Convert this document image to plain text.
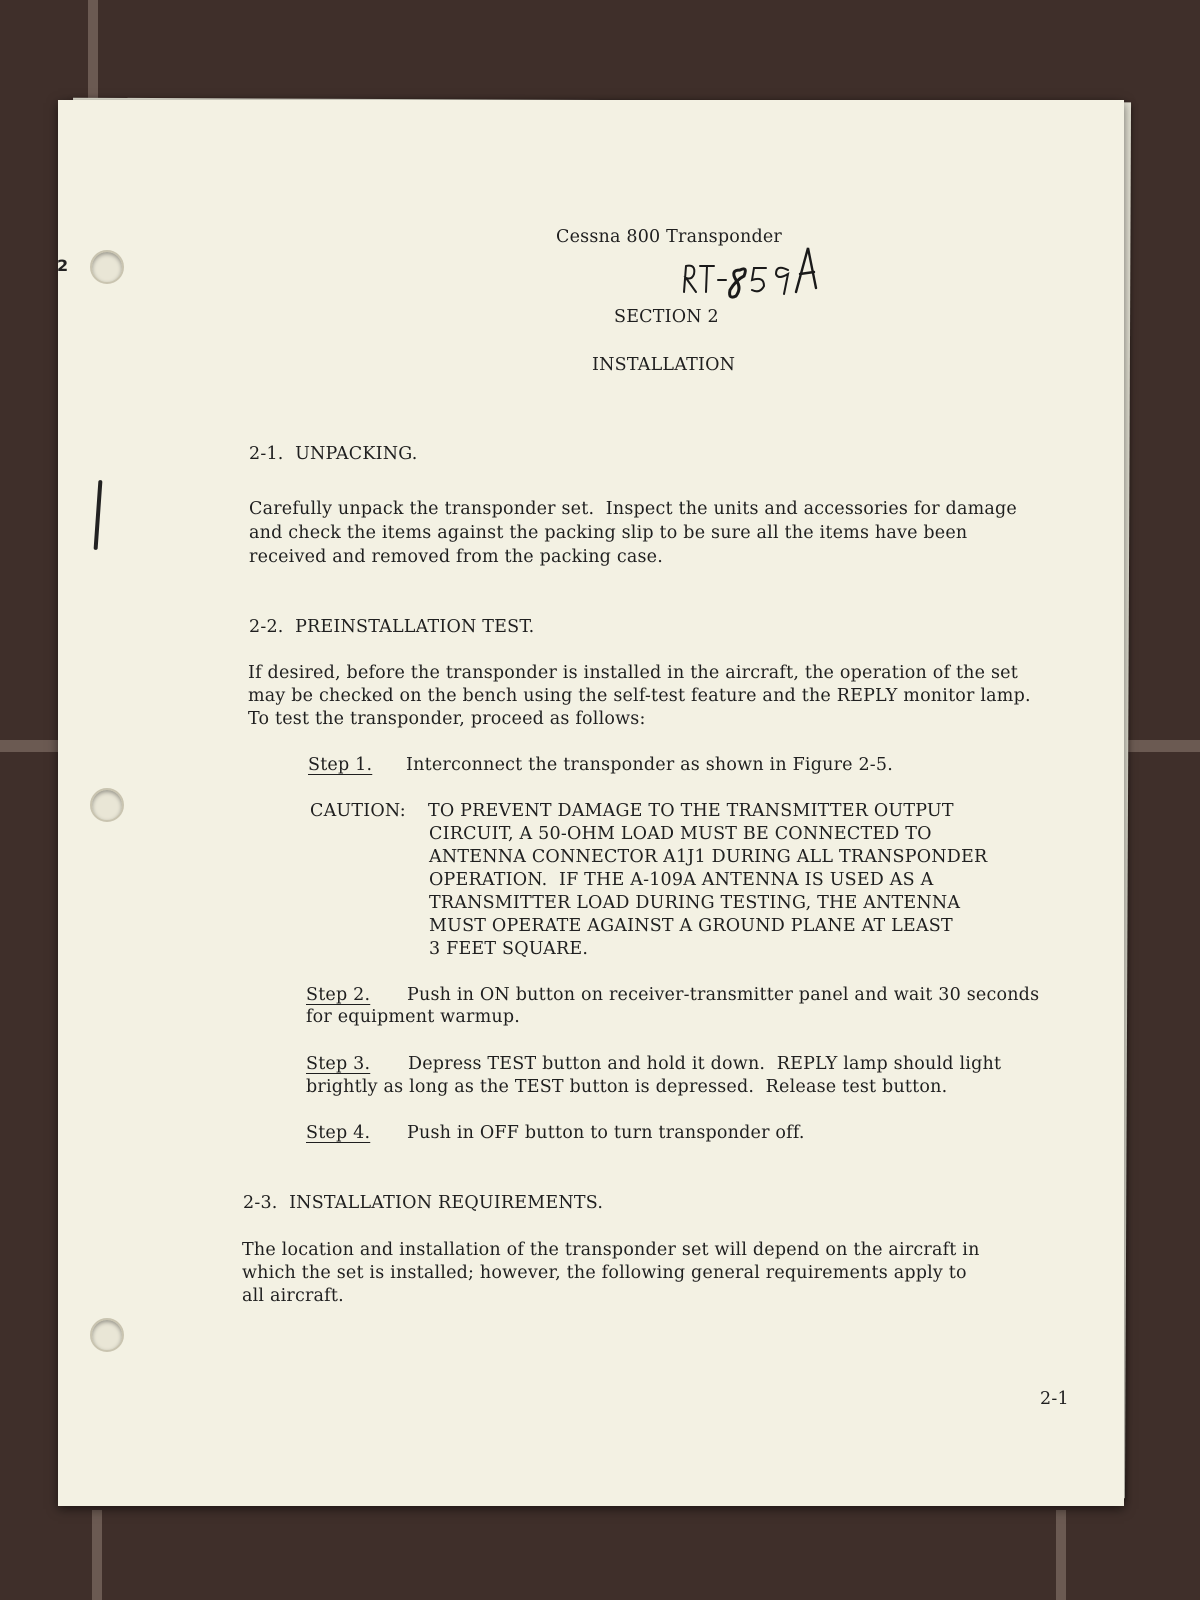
2
Cessna 800 Transponder
SECTION 2
INSTALLATION
2-1.  UNPACKING.
Carefully unpack the transponder set.  Inspect the units and accessories for damage
and check the items against the packing slip to be sure all the items have been
received and removed from the packing case.
2-2.  PREINSTALLATION TEST.
If desired, before the transponder is installed in the aircraft, the operation of the set
may be checked on the bench using the self-test feature and the REPLY monitor lamp.
To test the transponder, proceed as follows:
Step 1. Interconnect the transponder as shown in Figure 2-5.
CAUTION: TO PREVENT DAMAGE TO THE TRANSMITTER OUTPUT
CIRCUIT, A 50-OHM LOAD MUST BE CONNECTED TO
ANTENNA CONNECTOR A1J1 DURING ALL TRANSPONDER
OPERATION.  IF THE A-109A ANTENNA IS USED AS A
TRANSMITTER LOAD DURING TESTING, THE ANTENNA
MUST OPERATE AGAINST A GROUND PLANE AT LEAST
3 FEET SQUARE.
Step 2. Push in ON button on receiver-transmitter panel and wait 30 seconds
for equipment warmup.
Step 3. Depress TEST button and hold it down.  REPLY lamp should light
brightly as long as the TEST button is depressed.  Release test button.
Step 4. Push in OFF button to turn transponder off.
2-3.  INSTALLATION REQUIREMENTS.
The location and installation of the transponder set will depend on the aircraft in
which the set is installed; however, the following general requirements apply to
all aircraft.
2-1
